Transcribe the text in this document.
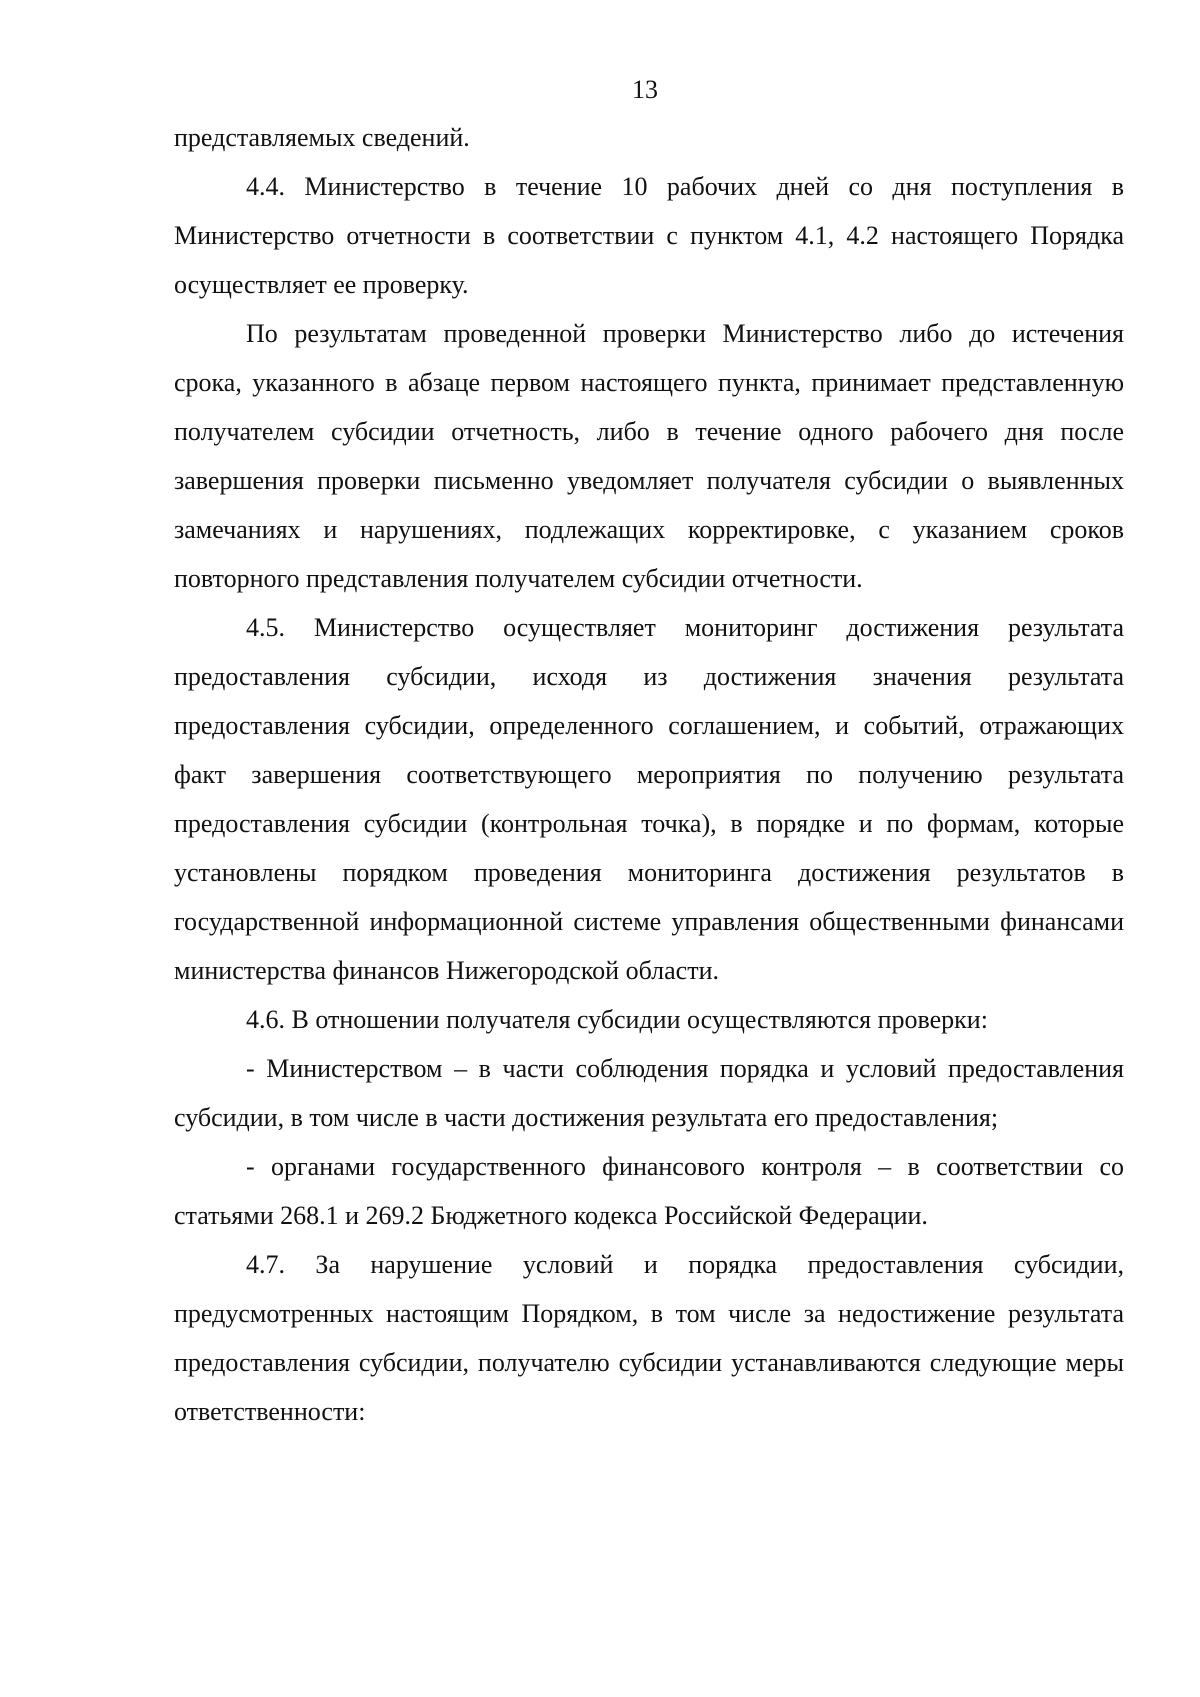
13

представляемых сведений.

4.4. Министерство в течение 10 рабочих дней со дня поступления в Министерство отчетности в соответствии с пунктом 4.1, 4.2 настоящего Порядка осуществляет ее проверку.

По результатам проведенной проверки Министерство либо до истечения срока, указанного в абзаце первом настоящего пункта, принимает представленную получателем субсидии отчетность, либо в течение одного рабочего дня после завершения проверки письменно уведомляет получателя субсидии о выявленных замечаниях и нарушениях, подлежащих корректировке, с указанием сроков повторного представления получателем субсидии отчетности.

4.5. Министерство осуществляет мониторинг достижения результата предоставления субсидии, исходя из достижения значения результата предоставления субсидии, определенного соглашением, и событий, отражающих факт завершения соответствующего мероприятия по получению результата предоставления субсидии (контрольная точка), в порядке и по формам, которые установлены порядком проведения мониторинга достижения результатов в государственной информационной системе управления общественными финансами министерства финансов Нижегородской области.

4.6. В отношении получателя субсидии осуществляются проверки:

- Министерством – в части соблюдения порядка и условий предоставления субсидии, в том числе в части достижения результата его предоставления;

- органами государственного финансового контроля – в соответствии со статьями 268.1 и 269.2 Бюджетного кодекса Российской Федерации.

4.7. За нарушение условий и порядка предоставления субсидии, предусмотренных настоящим Порядком, в том числе за недостижение результата предоставления субсидии, получателю субсидии устанавливаются следующие меры ответственности:
